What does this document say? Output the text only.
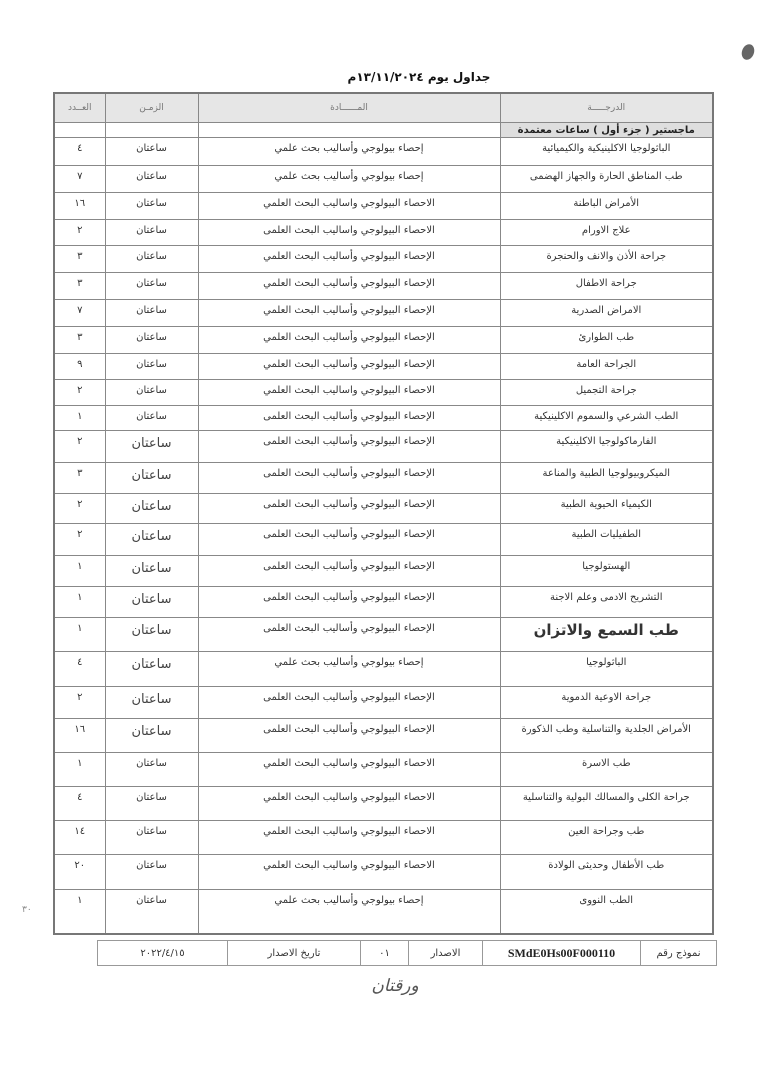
جداول يوم ١٣/١١/٢٠٢٤م
الدرجـــــة	المــــــادة	الزمـن	العــدد
ماجستير ( جزء أول ) ساعات معتمدة			
الباثولوجيا الاكلينيكية والكيميائية	إحصاء بيولوجي وأساليب بحث علمي	ساعتان	٤
طب المناطق الحارة والجهاز الهضمى	إحصاء بيولوجي وأساليب بحث علمي	ساعتان	٧
الأمراض الباطنة	الاحصاء البيولوجي واساليب البحث العلمي	ساعتان	١٦
علاج الاورام	الاحصاء البيولوجي واساليب البحث العلمى	ساعتان	٢
جراحة الأذن والانف والحنجرة	الإحصاء البيولوجي وأساليب البحث العلمي	ساعتان	٣
جراحة الاطفال	الإحصاء البيولوجي وأساليب البحث العلمي	ساعتان	٣
الامراض الصدرية	الإحصاء البيولوجي وأساليب البحث العلمي	ساعتان	٧
طب الطوارئ	الإحصاء البيولوجي وأساليب البحث العلمي	ساعتان	٣
الجراحة العامة	الإحصاء البيولوجي وأساليب البحث العلمي	ساعتان	٩
جراحة التجميل	الاحصاء البيولوجي واساليب البحث العلمي	ساعتان	٢
الطب الشرعي والسموم الاكلينيكية	الإحصاء البيولوجي وأساليب البحث العلمى	ساعتان	١
الفارماكولوجيا الاكلينيكية	الإحصاء البيولوجي وأساليب البحث العلمى	ساعتان	٢
الميكروبيولوجيا الطبية والمناعة	الإحصاء البيولوجي وأساليب البحث العلمى	ساعتان	٣
الكيمياء الحيوية الطبية	الإحصاء البيولوجي وأساليب البحث العلمى	ساعتان	٢
الطفيليات الطبية	الإحصاء البيولوجي وأساليب البحث العلمى	ساعتان	٢
الهستولوجيا	الإحصاء البيولوجي وأساليب البحث العلمى	ساعتان	١
التشريح الادمى وعلم الاجنة	الإحصاء البيولوجي وأساليب البحث العلمى	ساعتان	١
طب السمع والاتزان	الإحصاء البيولوجي وأساليب البحث العلمى	ساعتان	١
الباثولوجيا	إحصاء بيولوجي وأساليب بحث علمي	ساعتان	٤
جراحة الاوعية الدموية	الإحصاء البيولوجي وأساليب البحث العلمى	ساعتان	٢
الأمراض الجلدية والتناسلية وطب الذكورة	الإحصاء البيولوجي وأساليب البحث العلمى	ساعتان	١٦
طب الاسرة	الاحصاء البيولوجي واساليب البحث العلمي	ساعتان	١
جراحة الكلى والمسالك البولية والتناسلية	الاحصاء البيولوجي واساليب البحث العلمي	ساعتان	٤
طب وجراحة العين	الاحصاء البيولوجي واساليب البحث العلمي	ساعتان	١٤
طب الأطفال وحديثى الولادة	الاحصاء البيولوجي واساليب البحث العلمي	ساعتان	٢٠
الطب النووى	إحصاء بيولوجي وأساليب بحث علمي	ساعتان	١
نموذج رقم	SMdE0Hs00F000110	الاصدار	٠١	تاريخ الاصدار	٢٠٢٢/٤/١٥
ورقتان
٣٠
